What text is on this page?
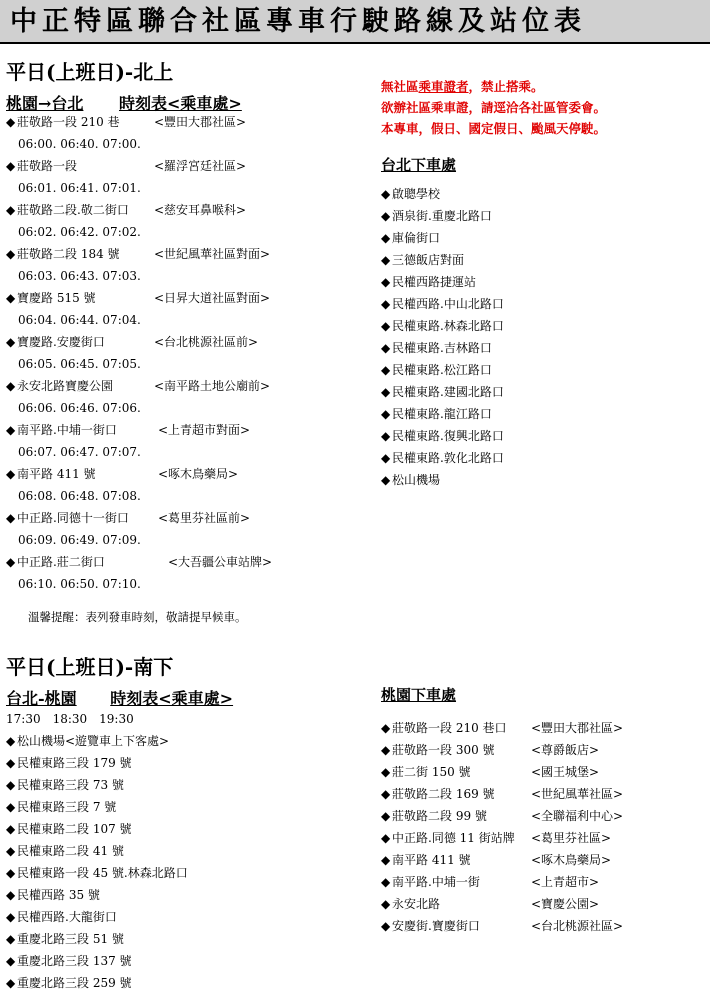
中正特區聯合社區專車行駛路線及站位表
平日(上班日)-北上
桃園→台北 時刻表<乘車處>
◆ 莊敬路一段 210 巷	<豐田大郡社區>
06:00. 06:40. 07:00.
◆ 莊敬路一段	<羅浮宮廷社區>
06:01. 06:41. 07:01.
◆ 莊敬路二段.敬二街口 <慈安耳鼻喉科>
06:02. 06:42. 07:02.
◆ 莊敬路二段 184 號	<世紀風華社區對面>
06:03. 06:43. 07:03.
◆ 寶慶路 515 號	<日昇大道社區對面>
06:04. 06:44. 07:04.
◆ 寶慶路.安慶街口	<台北桃源社區前>
06:05. 06:45. 07:05.
◆ 永安北路寶慶公園	<南平路土地公廟前>
06:06. 06:46. 07:06.
◆ 南平路.中埔一街口	<上青超市對面>
06:07. 06:47. 07:07.
◆ 南平路 411 號	<啄木鳥藥局>
06:08. 06:48. 07:08.
◆ 中正路.同德十一街口 <葛里芬社區前>
06:09. 06:49. 07:09.
◆ 中正路.莊二街口	<大吾疆公車站牌>
06:10. 06:50. 07:10.
溫馨提醒：表列發車時刻，敬請提早候車。
無社區乘車證者，禁止搭乘。
欲辦社區乘車證，請逕洽各社區管委會。
本專車，假日、國定假日、颱風天停駛。
台北下車處
◆ 啟聰學校
◆ 酒泉街.重慶北路口
◆ 庫倫街口
◆ 三德飯店對面
◆ 民權西路捷運站
◆ 民權西路.中山北路口
◆ 民權東路.林森北路口
◆ 民權東路.吉林路口
◆ 民權東路.松江路口
◆ 民權東路.建國北路口
◆ 民權東路.龍江路口
◆ 民權東路.復興北路口
◆ 民權東路.敦化北路口
◆ 松山機場
平日(上班日)-南下
台北-桃園 時刻表<乘車處>
17:30　18:30　19:30
◆ 松山機場<遊覽車上下客處>
◆ 民權東路三段 179 號
◆ 民權東路三段 73 號
◆ 民權東路三段 7 號
◆ 民權東路二段 107 號
◆ 民權東路二段 41 號
◆ 民權東路一段 45 號.林森北路口
◆ 民權西路 35 號
◆ 民權西路.大龍街口
◆ 重慶北路三段 51 號
◆ 重慶北路三段 137 號
◆ 重慶北路三段 259 號
桃園下車處
◆ 莊敬路一段 210 巷口 <豐田大郡社區>
◆ 莊敬路一段 300 號	<尊爵飯店>
◆ 莊二街 150 號	<國王城堡>
◆ 莊敬路二段 169 號	<世紀風華社區>
◆ 莊敬路二段 99 號	<全聯福利中心>
◆ 中正路.同德 11 街站牌 <葛里芬社區>
◆ 南平路 411 號	<啄木鳥藥局>
◆ 南平路.中埔一街	<上青超市>
◆ 永安北路	<寶慶公園>
◆ 安慶街.寶慶街口	<台北桃源社區>
